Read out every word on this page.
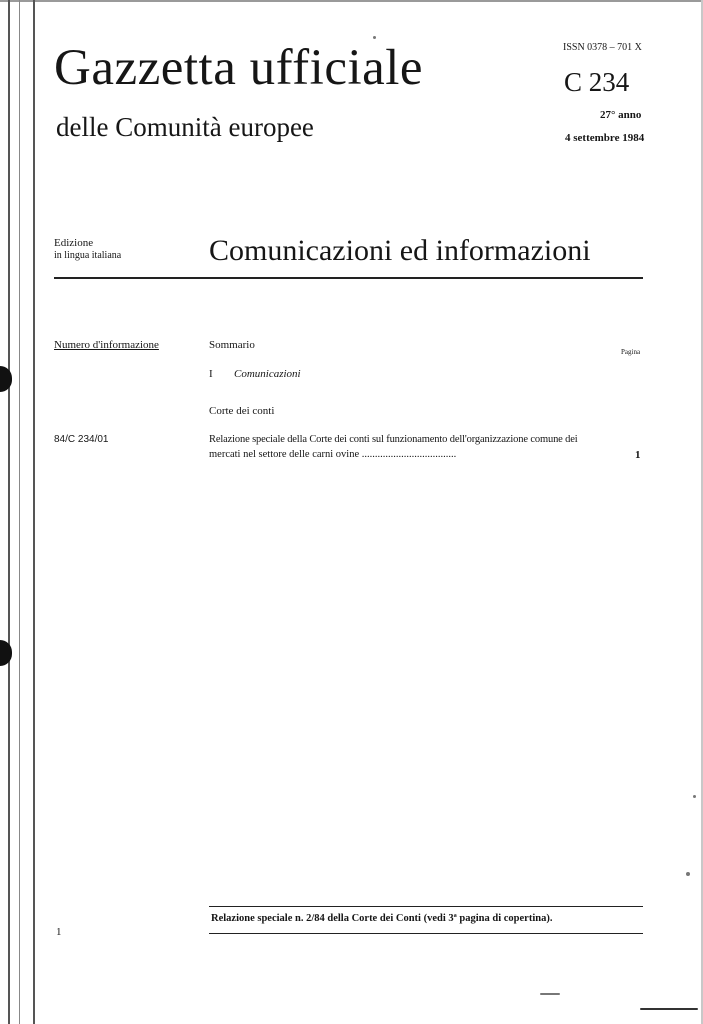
Gazzetta ufficiale
delle Comunità europee
ISSN 0378 – 701 X
C 234
27° anno
4 settembre 1984
Edizione
in lingua italiana	Comunicazioni ed informazioni
Numero d'informazione	Sommario
Pagina
I Comunicazioni
Corte dei conti
84/C 234/01	Relazione speciale della Corte dei conti sul funzionamento dell'organizzazione comune dei
mercati nel settore delle carni ovine ....................................	1
Relazione speciale n. 2/84 della Corte dei Conti (vedi 3ª pagina di copertina).
1
